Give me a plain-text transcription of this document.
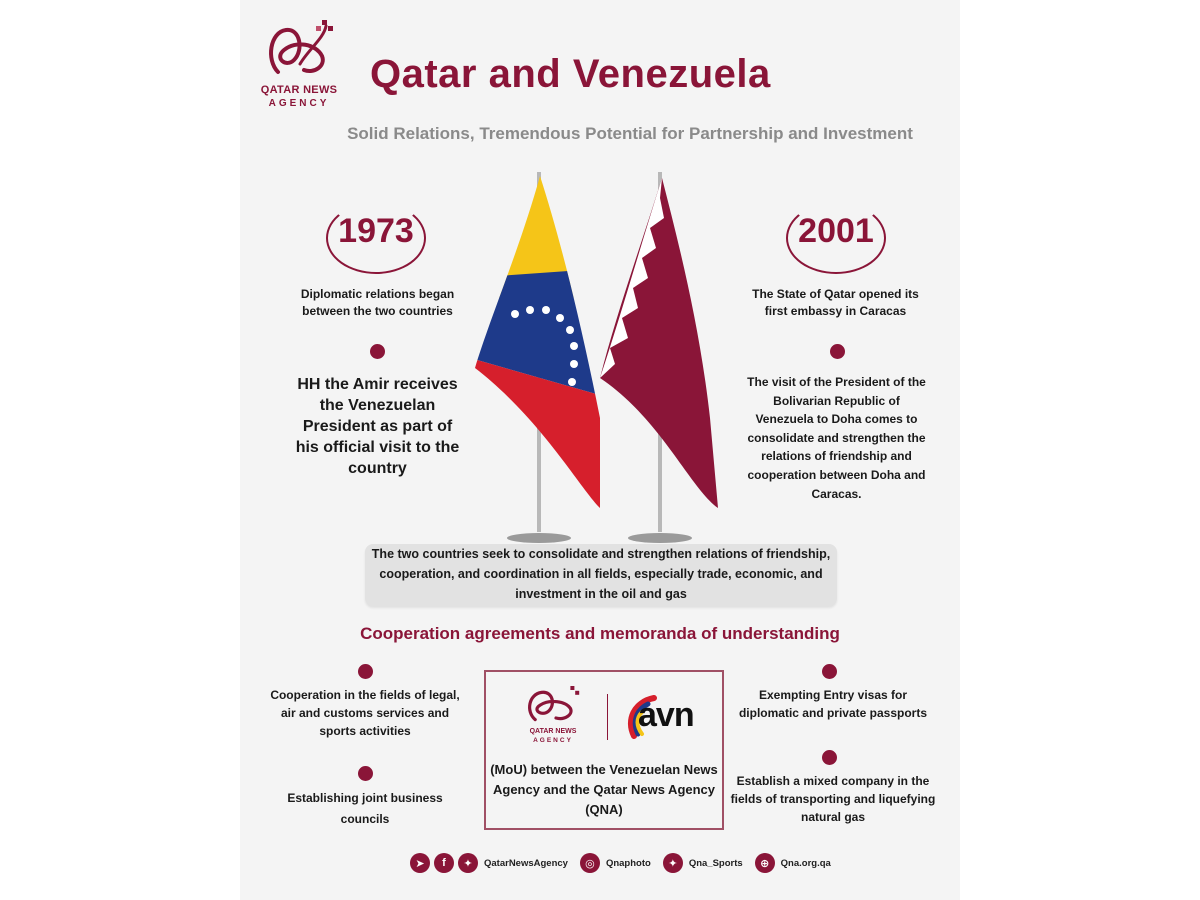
QATAR NEWS
AGENCY
Qatar and Venezuela
Solid Relations, Tremendous Potential for Partnership and Investment
1973
Diplomatic relations began between the two countries
HH the Amir receives the Venezuelan President as part of his official visit to the country
2001
The State of Qatar opened its first embassy in Caracas
The visit of the President of the Bolivarian Republic of Venezuela to Doha comes to consolidate and strengthen the relations of friendship and cooperation between Doha and Caracas.
The two countries seek to consolidate and strengthen relations of friendship, cooperation, and coordination in all fields, especially trade, economic, and investment in the oil and gas
Cooperation agreements and memoranda of understanding
Cooperation in the fields of legal, air and customs services and sports activities
Establishing joint business councils
Exempting Entry visas for diplomatic and private passports
Establish a mixed company in the fields of transporting and liquefying natural gas
QATAR NEWS
AGENCY
avn
(MoU) between the Venezuelan News Agency and the Qatar News Agency (QNA)
➤	f	✦	QatarNewsAgency	◎	Qnaphoto	✦	Qna_Sports	⊕	Qna.org.qa
